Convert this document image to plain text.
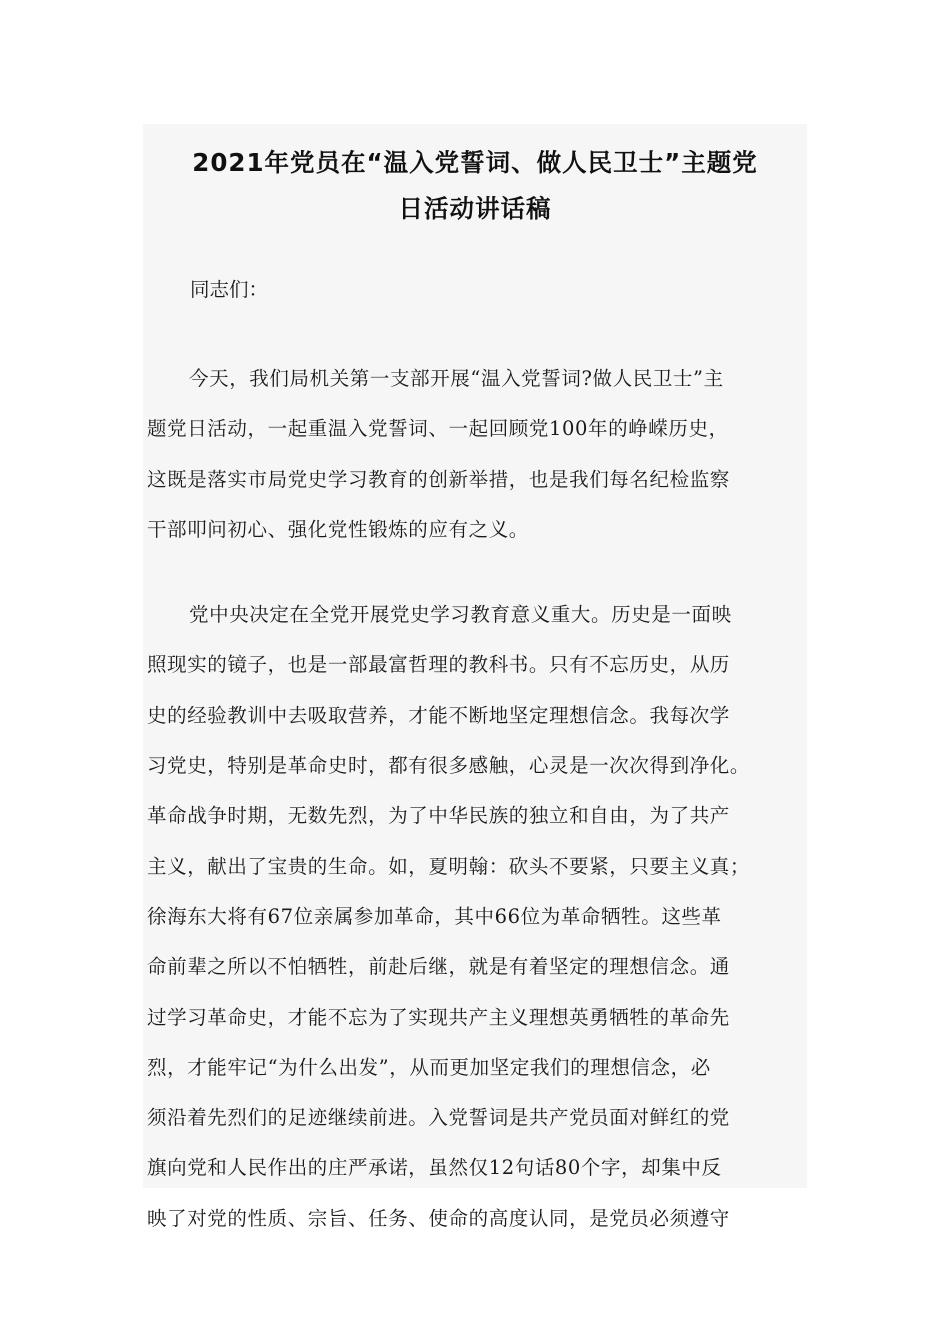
2021年党员在“温入党誓词、做人民卫士”主题党
日活动讲话稿

同志们：

今天，我们局机关第一支部开展“温入党誓词?做人民卫士”主
题党日活动，一起重温入党誓词、一起回顾党100年的峥嵘历史，
这既是落实市局党史学习教育的创新举措，也是我们每名纪检监察
干部叩问初心、强化党性锻炼的应有之义。

党中央决定在全党开展党史学习教育意义重大。历史是一面映
照现实的镜子，也是一部最富哲理的教科书。只有不忘历史，从历
史的经验教训中去吸取营养，才能不断地坚定理想信念。我每次学
习党史，特别是革命史时，都有很多感触，心灵是一次次得到净化。
革命战争时期，无数先烈，为了中华民族的独立和自由，为了共产
主义，献出了宝贵的生命。如，夏明翰：砍头不要紧，只要主义真；
徐海东大将有67位亲属参加革命，其中66位为革命牺牲。这些革
命前辈之所以不怕牺牲，前赴后继，就是有着坚定的理想信念。通
过学习革命史，才能不忘为了实现共产主义理想英勇牺牲的革命先
烈，才能牢记“为什么出发”，从而更加坚定我们的理想信念，必
须沿着先烈们的足迹继续前进。入党誓词是共产党员面对鲜红的党
旗向党和人民作出的庄严承诺，虽然仅12句话80个字，却集中反
映了对党的性质、宗旨、任务、使命的高度认同，是党员必须遵守
